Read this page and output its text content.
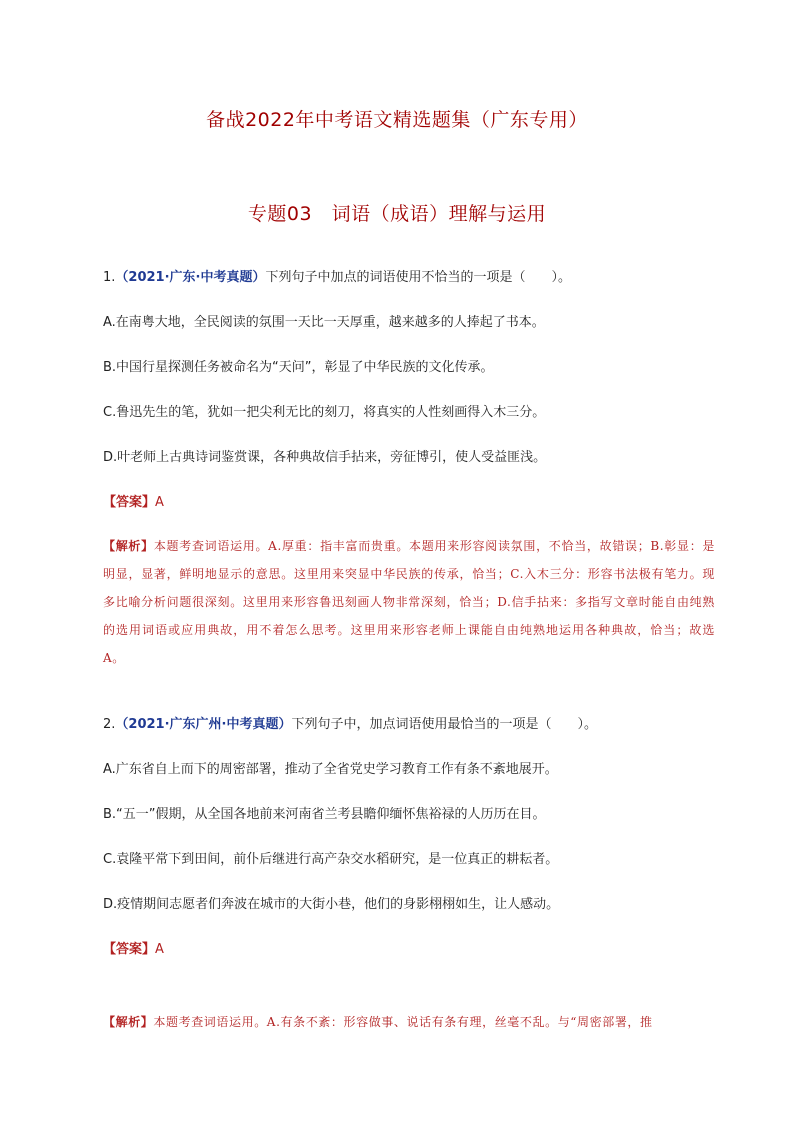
备战2022年中考语文精选题集（广东专用）
专题03　词语（成语）理解与运用

1.（2021·广东·中考真题）下列句子中加点的词语使用不恰当的一项是（　　）。

A.在南粤大地，全民阅读的氛围一天比一天厚重，越来越多的人捧起了书本。

B.中国行星探测任务被命名为“天问”，彰显了中华民族的文化传承。

C.鲁迅先生的笔，犹如一把尖利无比的刻刀，将真实的人性刻画得入木三分。

D.叶老师上古典诗词鉴赏课，各种典故信手拈来，旁征博引，使人受益匪浅。

【答案】A

【解析】本题考查词语运用。A.厚重：指丰富而贵重。本题用来形容阅读氛围，不恰当，故错误；B.彰显：是明显，显著，鲜明地显示的意思。这里用来突显中华民族的传承，恰当；C.入木三分：形容书法极有笔力。现多比喻分析问题很深刻。这里用来形容鲁迅刻画人物非常深刻，恰当；D.信手拈来：多指写文章时能自由纯熟的选用词语或应用典故，用不着怎么思考。这里用来形容老师上课能自由纯熟地运用各种典故，恰当；故选A。

2.（2021·广东广州·中考真题）下列句子中，加点词语使用最恰当的一项是（　　）。

A.广东省自上而下的周密部署，推动了全省党史学习教育工作有条不紊地展开。

B.“五一”假期，从全国各地前来河南省兰考县瞻仰缅怀焦裕禄的人历历在目。

C.袁隆平常下到田间，前仆后继进行高产杂交水稻研究，是一位真正的耕耘者。

D.疫情期间志愿者们奔波在城市的大街小巷，他们的身影栩栩如生，让人感动。

【答案】A

【解析】本题考查词语运用。A.有条不紊：形容做事、说话有条有理，丝毫不乱。与“周密部署，推
